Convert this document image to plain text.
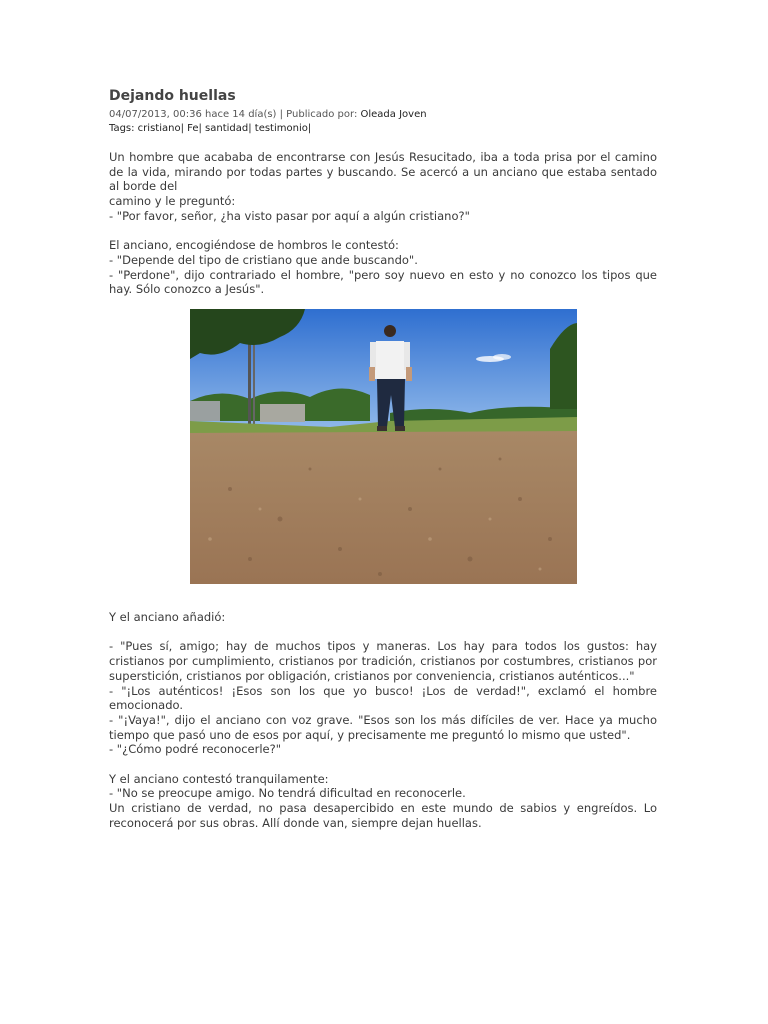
Dejando huellas
04/07/2013, 00:36 hace 14 día(s) | Publicado por: Oleada Joven
Tags: cristiano| Fe| santidad| testimonio|

Un hombre que acababa de encontrarse con Jesús Resucitado, iba a toda prisa por el camino de la vida, mirando por todas partes y buscando. Se acercó a un anciano que estaba sentado al borde del

camino y le preguntó:

- "Por favor, señor, ¿ha visto pasar por aquí a algún cristiano?"

El anciano, encogiéndose de hombros le contestó:

- "Depende del tipo de cristiano que ande buscando".

- "Perdone", dijo contrariado el hombre, "pero soy nuevo en esto y no conozco los tipos que hay. Sólo conozco a Jesús".

Y el anciano añadió:

- "Pues sí, amigo; hay de muchos tipos y maneras. Los hay para todos los gustos: hay cristianos por cumplimiento, cristianos por tradición, cristianos por costumbres, cristianos por superstición, cristianos por obligación, cristianos por conveniencia, cristianos auténticos..."

- "¡Los auténticos! ¡Esos son los que yo busco! ¡Los de verdad!", exclamó el hombre emocionado.

- "¡Vaya!", dijo el anciano con voz grave. "Esos son los más difíciles de ver. Hace ya mucho tiempo que pasó uno de esos por aquí, y precisamente me preguntó lo mismo que usted".

- "¿Cómo podré reconocerle?"

Y el anciano contestó tranquilamente:

- "No se preocupe amigo. No tendrá dificultad en reconocerle.

Un cristiano de verdad, no pasa desapercibido en este mundo de sabios y engreídos. Lo reconocerá por sus obras. Allí donde van, siempre dejan huellas.
